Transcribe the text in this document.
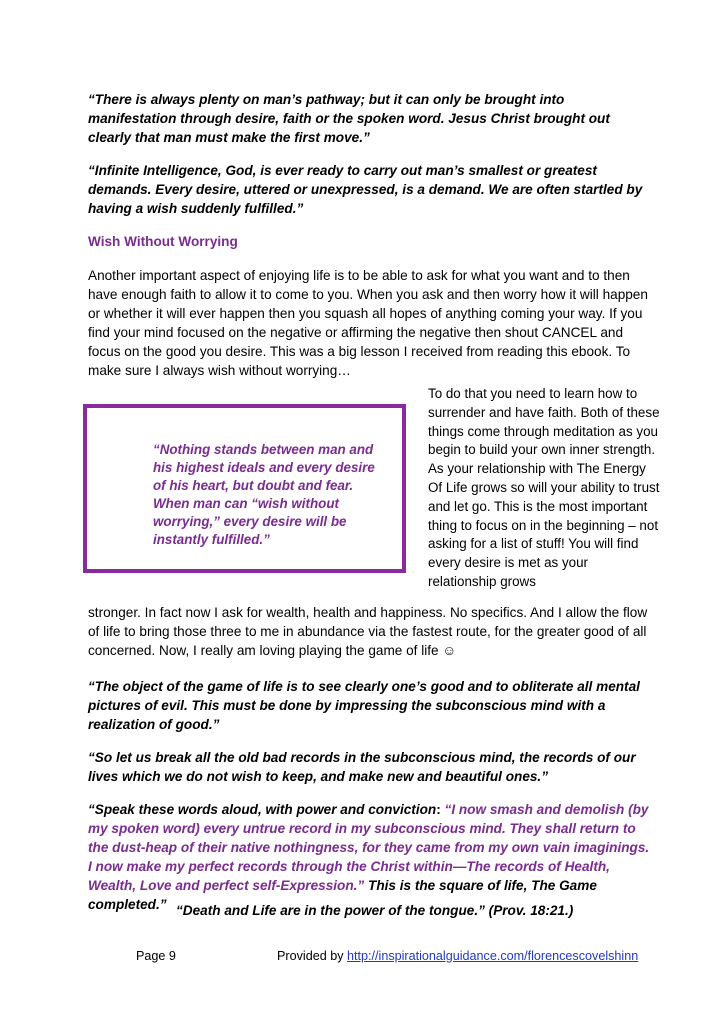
“There is always plenty on man’s pathway; but it can only be brought into manifestation through desire, faith or the spoken word. Jesus Christ brought out clearly that man must make the first move.”

“Infinite Intelligence, God, is ever ready to carry out man’s smallest or greatest demands. Every desire, uttered or unexpressed, is a demand. We are often startled by having a wish suddenly fulfilled.”

Wish Without Worrying

Another important aspect of enjoying life is to be able to ask for what you want and to then have enough faith to allow it to come to you. When you ask and then worry how it will happen or whether it will ever happen then you squash all hopes of anything coming your way. If you find your mind focused on the negative or affirming the negative then shout CANCEL and focus on the good you desire. This was a big lesson I received from reading this ebook. To make sure I always wish without worrying…

“Nothing stands between man and his highest ideals and every desire of his heart, but doubt and fear. When man can “wish without worrying,” every desire will be instantly fulfilled.”

To do that you need to learn how to surrender and have faith. Both of these things come through meditation as you begin to build your own inner strength. As your relationship with The Energy Of Life grows so will your ability to trust and let go. This is the most important thing to focus on in the beginning – not asking for a list of stuff! You will find every desire is met as your relationship grows

stronger. In fact now I ask for wealth, health and happiness. No specifics. And I allow the flow of life to bring those three to me in abundance via the fastest route, for the greater good of all concerned. Now, I really am loving playing the game of life ☺

“The object of the game of life is to see clearly one’s good and to obliterate all mental pictures of evil. This must be done by impressing the subconscious mind with a realization of good.”

“So let us break all the old bad records in the subconscious mind, the records of our lives which we do not wish to keep, and make new and beautiful ones.”

“Speak these words aloud, with power and conviction: “I now smash and demolish (by my spoken word) every untrue record in my subconscious mind. They shall return to the dust-heap of their native nothingness, for they came from my own vain imaginings. I now make my perfect records through the Christ within—The records of Health, Wealth, Love and perfect self-Expression.” This is the square of life, The Game completed.” “Death and Life are in the power of the tongue.” (Prov. 18:21.)
Page 9	Provided by http://inspirationalguidance.com/florencescovelshinn
